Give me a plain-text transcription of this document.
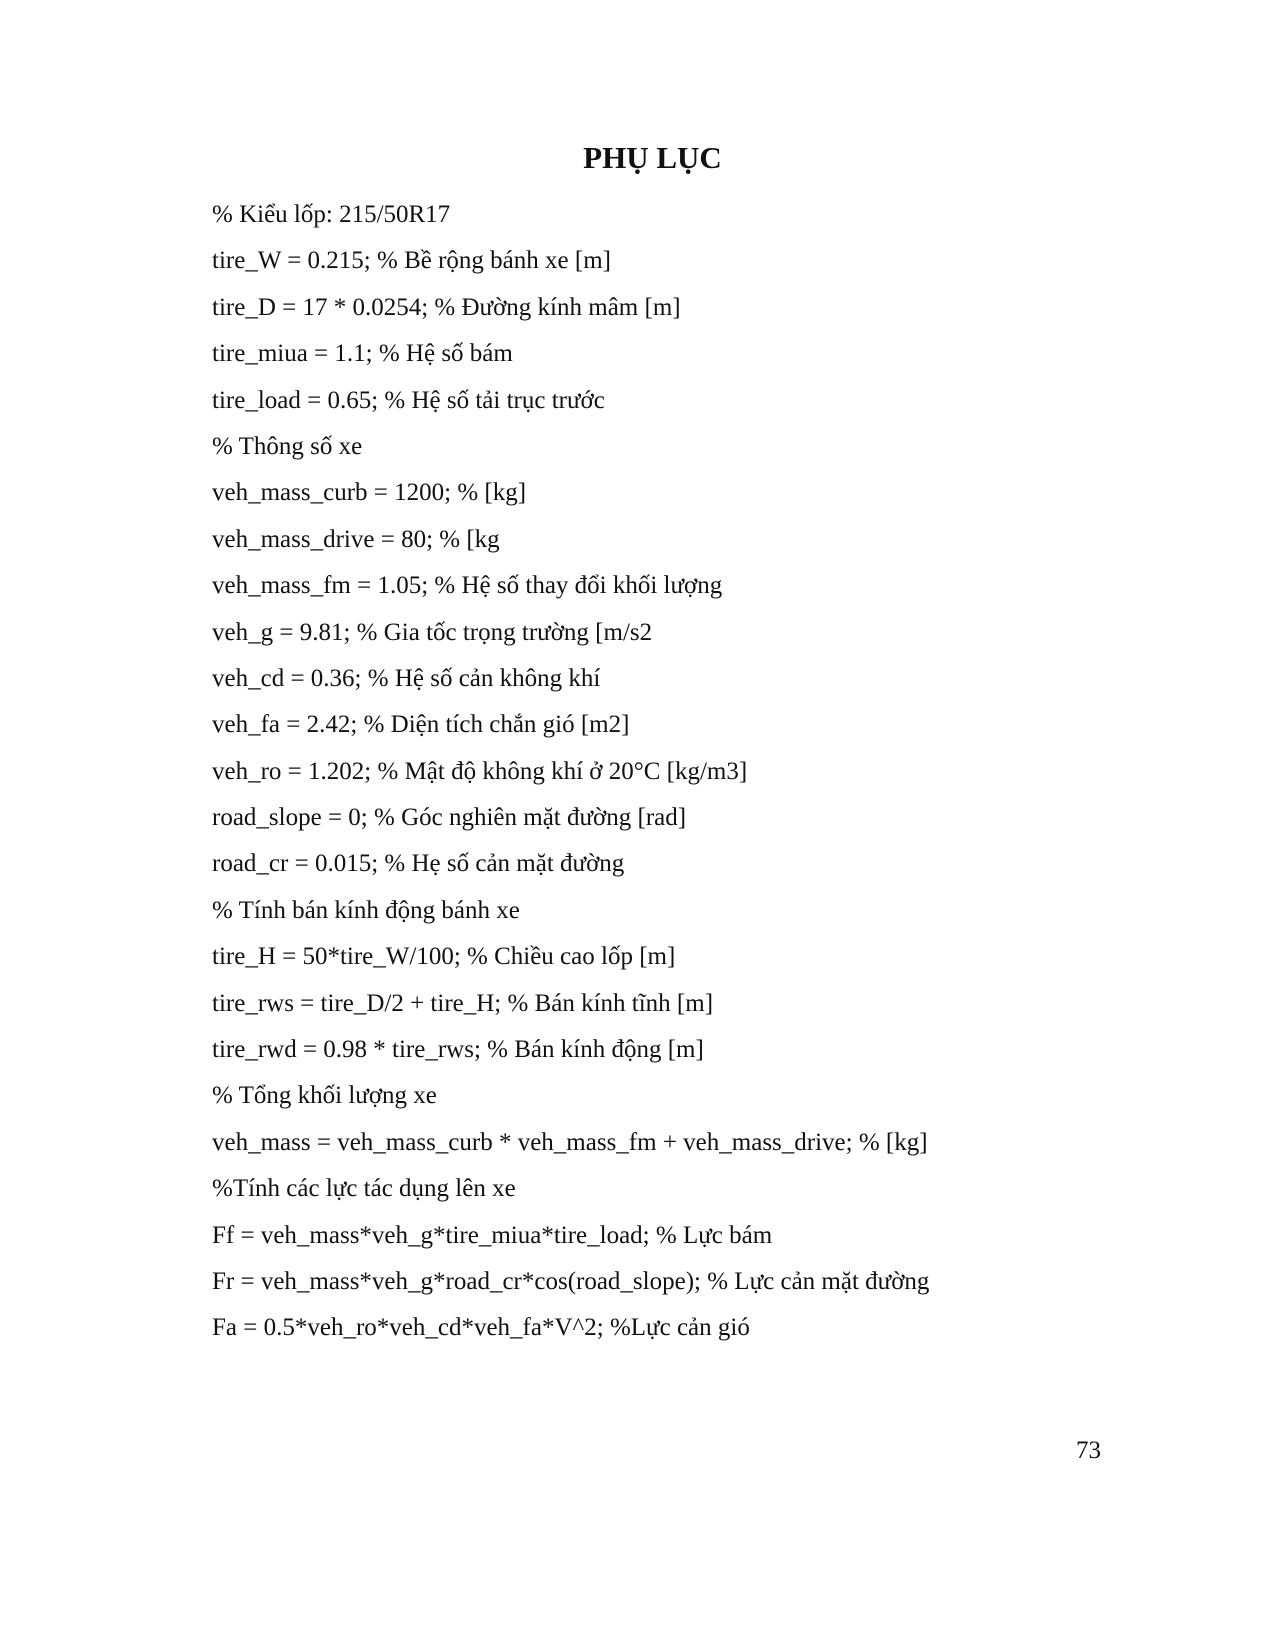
PHỤ LỤC
% Kiểu lốp: 215/50R17
tire_W = 0.215; % Bề rộng bánh xe [m]
tire_D = 17 * 0.0254; % Đường kính mâm [m]
tire_miua = 1.1; % Hệ số bám
tire_load = 0.65; % Hệ số tải trục trước
% Thông số xe
veh_mass_curb = 1200; % [kg]
veh_mass_drive = 80; % [kg
veh_mass_fm = 1.05; % Hệ số thay đổi khối lượng
veh_g = 9.81; % Gia tốc trọng trường [m/s2
veh_cd = 0.36; % Hệ số cản không khí
veh_fa = 2.42; % Diện tích chắn gió [m2]
veh_ro = 1.202; % Mật độ không khí ở 20°C [kg/m3]
road_slope = 0; % Góc nghiên mặt đường [rad]
road_cr = 0.015; % Hẹ số cản mặt đường
% Tính bán kính động bánh xe
tire_H = 50*tire_W/100; % Chiều cao lốp [m]
tire_rws = tire_D/2 + tire_H; % Bán kính tĩnh [m]
tire_rwd = 0.98 * tire_rws; % Bán kính động [m]
% Tổng khối lượng xe
veh_mass = veh_mass_curb * veh_mass_fm + veh_mass_drive; % [kg]
%Tính các lực tác dụng lên xe
Ff = veh_mass*veh_g*tire_miua*tire_load; % Lực bám
Fr = veh_mass*veh_g*road_cr*cos(road_slope); % Lực cản mặt đường
Fa = 0.5*veh_ro*veh_cd*veh_fa*V^2; %Lực cản gió
73
